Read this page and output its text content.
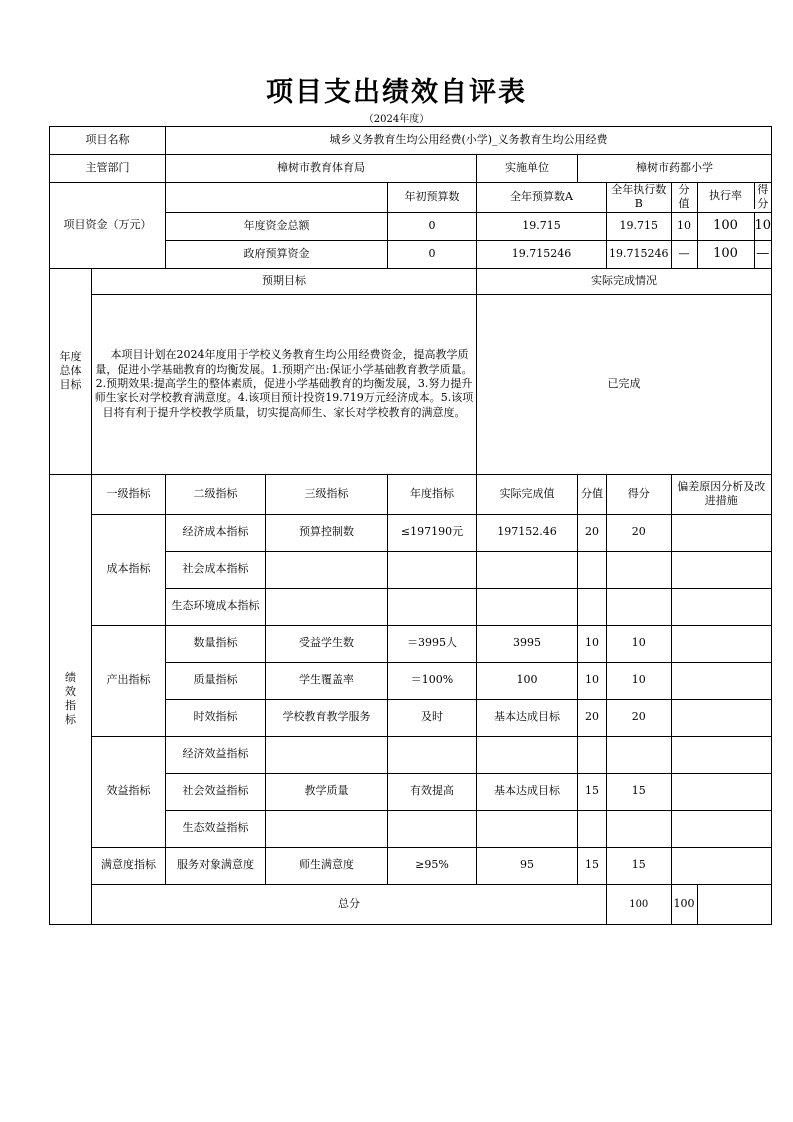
项目支出绩效自评表
（2024年度）
项目名称		城乡义务教育生均公用经费(小学)_义务教育生均公用经费							
主管部门		樟树市教育体育局			实施单位	樟树市药都小学			
项目资金（万元）				年初预算数	全年预算数A		全年执行数B	分值	执行率 得分

		年度资金总额		0	19.715		19.715	10	100 10

		政府预算资金		0	19.715246		19.715246	—	100 —

年度总体目标	预期目标				实际完成情况				
	本项目计划在2024年度用于学校义务教育生均公用经费资金，提高教学质量，促进小学基础教育的均衡发展。1.预期产出:保证小学基础教育教学质量。2.预期效果:提高学生的整体素质，促进小学基础教育的均衡发展，3.努力提升师生家长对学校教育满意度。4.该项目预计投资19.719万元经济成本。5.该项目将有利于提升学校教学质量，切实提高师生、家长对学校教育的满意度。				已完成				
绩效指标	一级指标	二级指标	三级指标	年度指标	实际完成值	分值	得分	偏差原因分析及改进措施	
	成本指标	经济成本指标	预算控制数	≤197190元	197152.46	20	20		
		社会成本指标							
		生态环境成本指标							
	产出指标	数量指标	受益学生数	＝3995人	3995	10	10		
		质量指标	学生覆盖率	＝100%	100	10	10		
		时效指标	学校教育教学服务	及时	基本达成目标	20	20		
	效益指标	经济效益指标							
		社会效益指标	教学质量	有效提高	基本达成目标	15	15		
		生态效益指标							
	满意度指标	服务对象满意度	师生满意度	≥95%	95	15	15		
	总分						100	100	
